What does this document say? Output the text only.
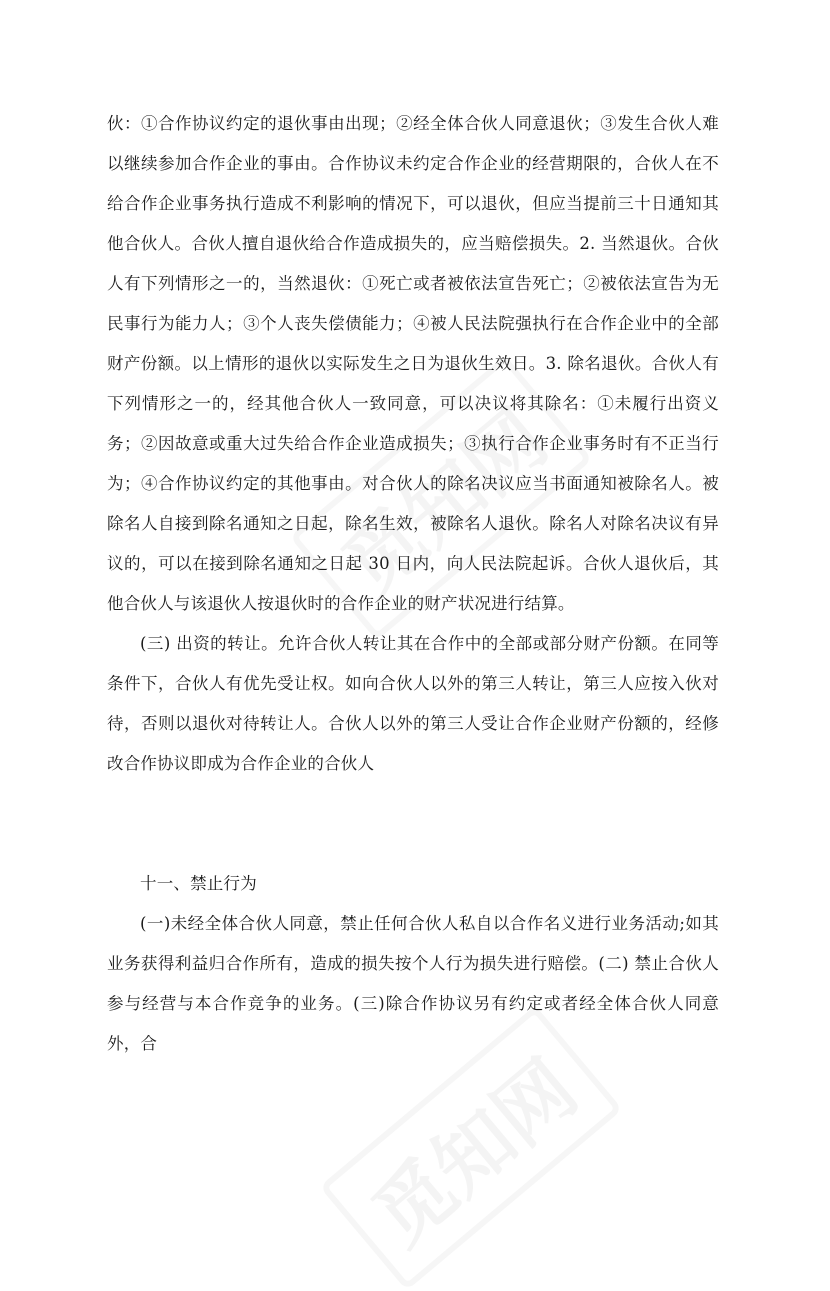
伙：①合作协议约定的退伙事由出现；②经全体合伙人同意退伙；③发生合伙人难以继续参加合作企业的事由。合作协议未约定合作企业的经营期限的，合伙人在不给合作企业事务执行造成不利影响的情况下，可以退伙，但应当提前三十日通知其他合伙人。合伙人擅自退伙给合作造成损失的，应当赔偿损失。2. 当然退伙。合伙人有下列情形之一的，当然退伙：①死亡或者被依法宣告死亡；②被依法宣告为无民事行为能力人；③个人丧失偿债能力；④被人民法院强执行在合作企业中的全部财产份额。以上情形的退伙以实际发生之日为退伙生效日。3. 除名退伙。合伙人有下列情形之一的，经其他合伙人一致同意，可以决议将其除名：①未履行出资义务；②因故意或重大过失给合作企业造成损失；③执行合作企业事务时有不正当行为；④合作协议约定的其他事由。对合伙人的除名决议应当书面通知被除名人。被除名人自接到除名通知之日起，除名生效，被除名人退伙。除名人对除名决议有异议的，可以在接到除名通知之日起 30 日内，向人民法院起诉。合伙人退伙后，其他合伙人与该退伙人按退伙时的合作企业的财产状况进行结算。

(三) 出资的转让。允许合伙人转让其在合作中的全部或部分财产份额。在同等条件下，合伙人有优先受让权。如向合伙人以外的第三人转让，第三人应按入伙对待，否则以退伙对待转让人。合伙人以外的第三人受让合作企业财产份额的，经修改合作协议即成为合作企业的合伙人

十一、禁止行为

(一)未经全体合伙人同意，禁止任何合伙人私自以合作名义进行业务活动;如其业务获得利益归合作所有，造成的损失按个人行为损失进行赔偿。(二) 禁止合伙人参与经营与本合作竞争的业务。(三)除合作协议另有约定或者经全体合伙人同意外，合
